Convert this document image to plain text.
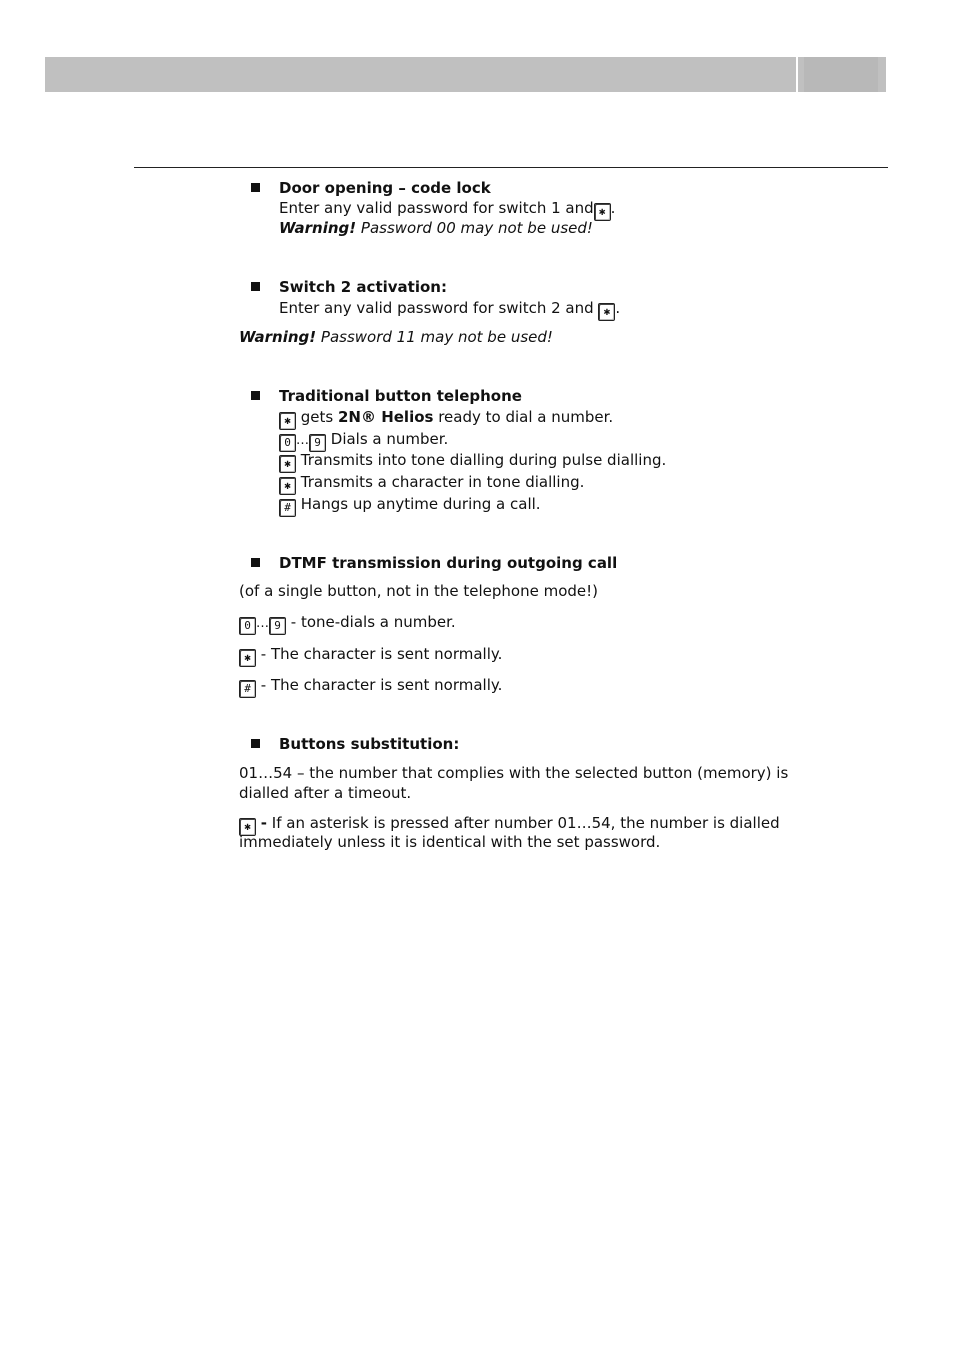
Door opening – code lock
Enter any valid password for switch 1 and ✱ .
Warning! Password 00 may not be used!
Switch 2 activation:
Enter any valid password for switch 2 and ✱ .
Warning! Password 11 may not be used!
Traditional button telephone
✱ gets 2N® Helios ready to dial a number.
0 … 9 Dials a number.
✱ Transmits into tone dialling during pulse dialling.
✱ Transmits a character in tone dialling.
# Hangs up anytime during a call.
DTMF transmission during outgoing call
(of a single button, not in the telephone mode!)
0 … 9 - tone-dials a number.
✱ - The character is sent normally.
# - The character is sent normally.
Buttons substitution:
01…54 – the number that complies with the selected button (memory) is
dialled after a timeout.
✱ - If an asterisk is pressed after number 01…54, the number is dialled
immediately unless it is identical with the set password.
